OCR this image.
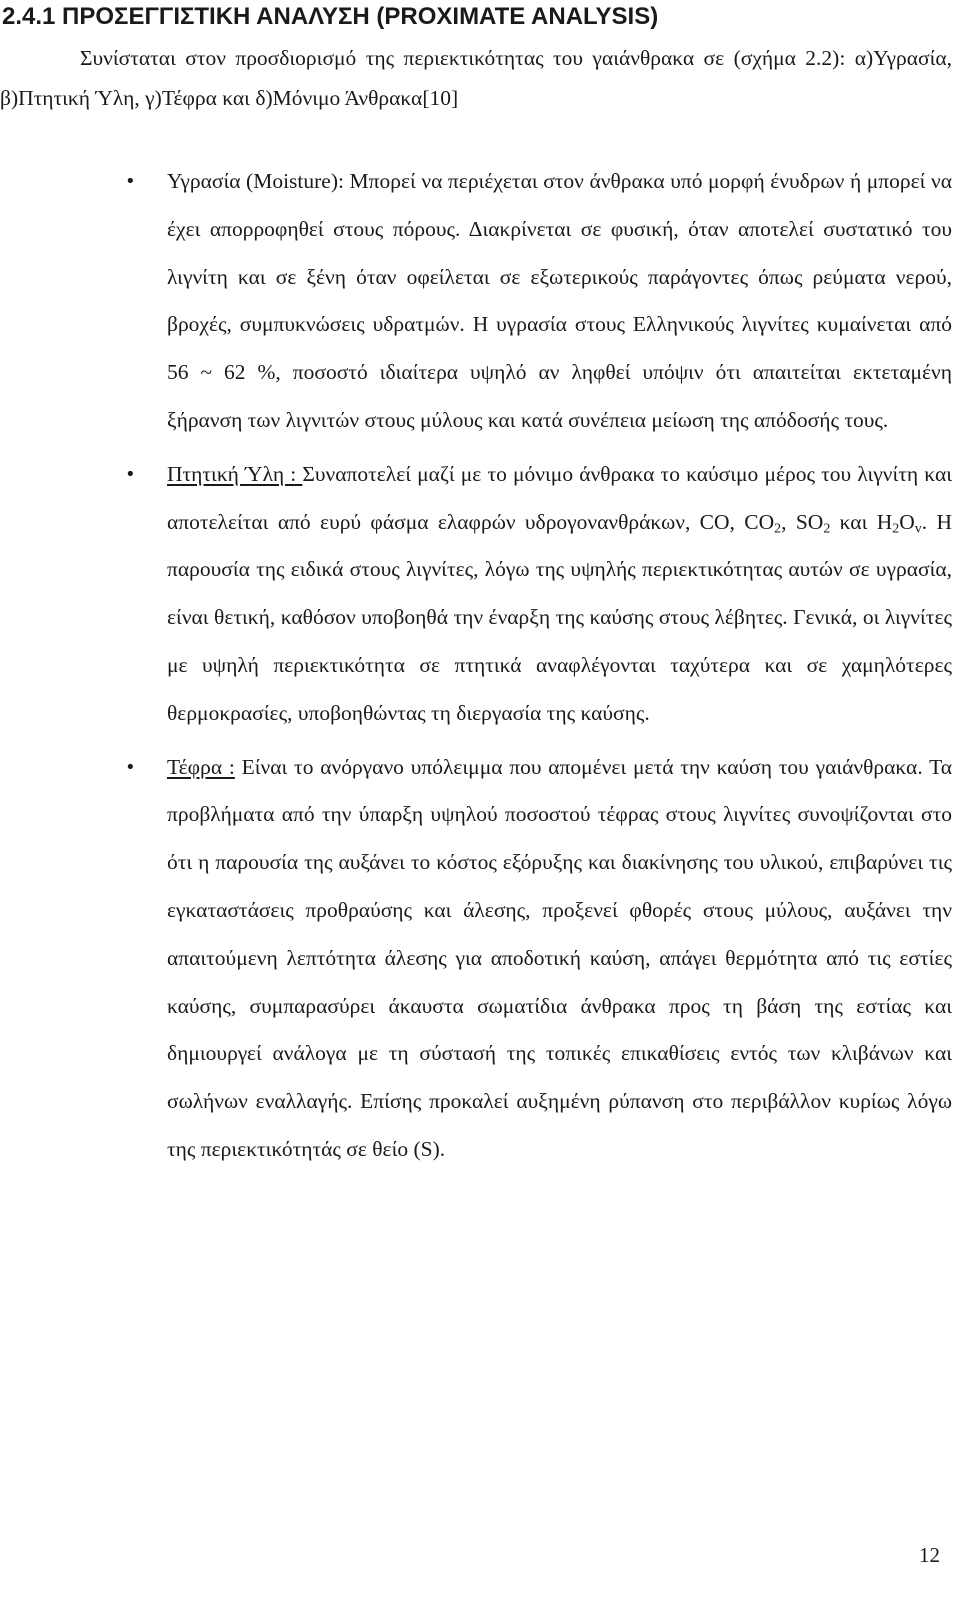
2.4.1 ΠΡΟΣΕΓΓΙΣΤΙΚΗ ΑΝΑΛΥΣΗ (PROXIMATE ANALYSIS)

Συνίσταται στον προσδιορισμό της περιεκτικότητας του γαιάνθρακα σε (σχήμα 2.2): α)Υγρασία, β)Πτητική Ύλη, γ)Τέφρα και δ)Μόνιμο Άνθρακα[10]

• Υγρασία (Moisture): Μπορεί να περιέχεται στον άνθρακα υπό μορφή ένυδρων ή μπορεί να έχει απορροφηθεί στους πόρους. Διακρίνεται σε φυσική, όταν αποτελεί συστατικό του λιγνίτη και σε ξένη όταν οφείλεται σε εξωτερικούς παράγοντες όπως ρεύματα νερού, βροχές, συμπυκνώσεις υδρατμών. Η υγρασία στους Ελληνικούς λιγνίτες κυμαίνεται από 56 ~ 62 %, ποσοστό ιδιαίτερα υψηλό αν ληφθεί υπόψιν ότι απαιτείται εκτεταμένη ξήρανση των λιγνιτών στους μύλους και κατά συνέπεια μείωση της απόδοσής τους.
• Πτητική Ύλη : Συναποτελεί μαζί με το μόνιμο άνθρακα το καύσιμο μέρος του λιγνίτη και αποτελείται από ευρύ φάσμα ελαφρών υδρογονανθράκων, CO, $CO_2$, $SO_2$ και $H_2O_v$. Η παρουσία της ειδικά στους λιγνίτες, λόγω της υψηλής περιεκτικότητας αυτών σε υγρασία, είναι θετική, καθόσον υποβοηθά την έναρξη της καύσης στους λέβητες. Γενικά, οι λιγνίτες με υψηλή περιεκτικότητα σε πτητικά αναφλέγονται ταχύτερα και σε χαμηλότερες θερμοκρασίες, υποβοηθώντας τη διεργασία της καύσης.
• Τέφρα : Είναι το ανόργανο υπόλειμμα που απομένει μετά την καύση του γαιάνθρακα. Τα προβλήματα από την ύπαρξη υψηλού ποσοστού τέφρας στους λιγνίτες συνοψίζονται στο ότι η παρουσία της αυξάνει το κόστος εξόρυξης και διακίνησης του υλικού, επιβαρύνει τις εγκαταστάσεις προθραύσης και άλεσης, προξενεί φθορές στους μύλους, αυξάνει την απαιτούμενη λεπτότητα άλεσης για αποδοτική καύση, απάγει θερμότητα από τις εστίες καύσης, συμπαρασύρει άκαυστα σωματίδια άνθρακα προς τη βάση της εστίας και δημιουργεί ανάλογα με τη σύστασή της τοπικές επικαθίσεις εντός των κλιβάνων και σωλήνων εναλλαγής. Επίσης προκαλεί αυξημένη ρύπανση στο περιβάλλον κυρίως λόγω της περιεκτικότητάς σε θείο (S).
12
